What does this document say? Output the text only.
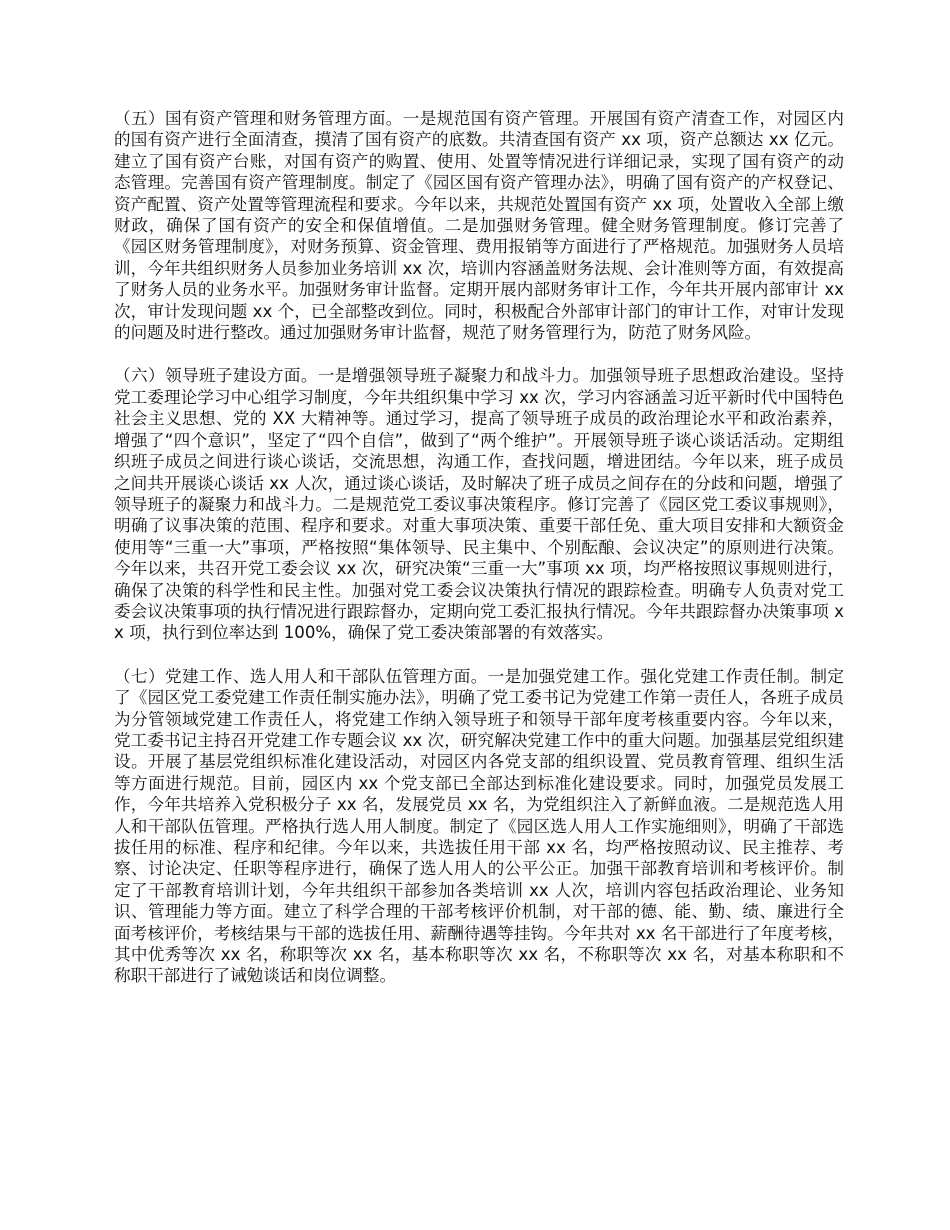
（五）国有资产管理和财务管理方面。一是规范国有资产管理。开展国有资产清查工作，对园区内的国有资产进行全面清查，摸清了国有资产的底数。共清查国有资产 xx 项，资产总额达 xx 亿元。建立了国有资产台账，对国有资产的购置、使用、处置等情况进行详细记录，实现了国有资产的动态管理。完善国有资产管理制度。制定了《园区国有资产管理办法》，明确了国有资产的产权登记、资产配置、资产处置等管理流程和要求。今年以来，共规范处置国有资产 xx 项，处置收入全部上缴财政，确保了国有资产的安全和保值增值。二是加强财务管理。健全财务管理制度。修订完善了《园区财务管理制度》，对财务预算、资金管理、费用报销等方面进行了严格规范。加强财务人员培训，今年共组织财务人员参加业务培训 xx 次，培训内容涵盖财务法规、会计准则等方面，有效提高了财务人员的业务水平。加强财务审计监督。定期开展内部财务审计工作，今年共开展内部审计 xx 次，审计发现问题 xx 个，已全部整改到位。同时，积极配合外部审计部门的审计工作，对审计发现的问题及时进行整改。通过加强财务审计监督，规范了财务管理行为，防范了财务风险。

（六）领导班子建设方面。一是增强领导班子凝聚力和战斗力。加强领导班子思想政治建设。坚持党工委理论学习中心组学习制度，今年共组织集中学习 xx 次，学习内容涵盖习近平新时代中国特色社会主义思想、党的 XX 大精神等。通过学习，提高了领导班子成员的政治理论水平和政治素养，增强了“四个意识”，坚定了“四个自信”，做到了“两个维护”。开展领导班子谈心谈话活动。定期组织班子成员之间进行谈心谈话，交流思想，沟通工作，查找问题，增进团结。今年以来，班子成员之间共开展谈心谈话 xx 人次，通过谈心谈话，及时解决了班子成员之间存在的分歧和问题，增强了领导班子的凝聚力和战斗力。二是规范党工委议事决策程序。修订完善了《园区党工委议事规则》，明确了议事决策的范围、程序和要求。对重大事项决策、重要干部任免、重大项目安排和大额资金使用等“三重一大”事项，严格按照“集体领导、民主集中、个别酝酿、会议决定”的原则进行决策。今年以来，共召开党工委会议 xx 次，研究决策“三重一大”事项 xx 项，均严格按照议事规则进行，确保了决策的科学性和民主性。加强对党工委会议决策执行情况的跟踪检查。明确专人负责对党工委会议决策事项的执行情况进行跟踪督办，定期向党工委汇报执行情况。今年共跟踪督办决策事项 xx 项，执行到位率达到 100%，确保了党工委决策部署的有效落实。

（七）党建工作、选人用人和干部队伍管理方面。一是加强党建工作。强化党建工作责任制。制定了《园区党工委党建工作责任制实施办法》，明确了党工委书记为党建工作第一责任人，各班子成员为分管领域党建工作责任人，将党建工作纳入领导班子和领导干部年度考核重要内容。今年以来，党工委书记主持召开党建工作专题会议 xx 次，研究解决党建工作中的重大问题。加强基层党组织建设。开展了基层党组织标准化建设活动，对园区内各党支部的组织设置、党员教育管理、组织生活等方面进行规范。目前，园区内 xx 个党支部已全部达到标准化建设要求。同时，加强党员发展工作，今年共培养入党积极分子 xx 名，发展党员 xx 名，为党组织注入了新鲜血液。二是规范选人用人和干部队伍管理。严格执行选人用人制度。制定了《园区选人用人工作实施细则》，明确了干部选拔任用的标准、程序和纪律。今年以来，共选拔任用干部 xx 名，均严格按照动议、民主推荐、考察、讨论决定、任职等程序进行，确保了选人用人的公平公正。加强干部教育培训和考核评价。制定了干部教育培训计划，今年共组织干部参加各类培训 xx 人次，培训内容包括政治理论、业务知识、管理能力等方面。建立了科学合理的干部考核评价机制，对干部的德、能、勤、绩、廉进行全面考核评价，考核结果与干部的选拔任用、薪酬待遇等挂钩。今年共对 xx 名干部进行了年度考核，其中优秀等次 xx 名，称职等次 xx 名，基本称职等次 xx 名，不称职等次 xx 名，对基本称职和不称职干部进行了诫勉谈话和岗位调整。
